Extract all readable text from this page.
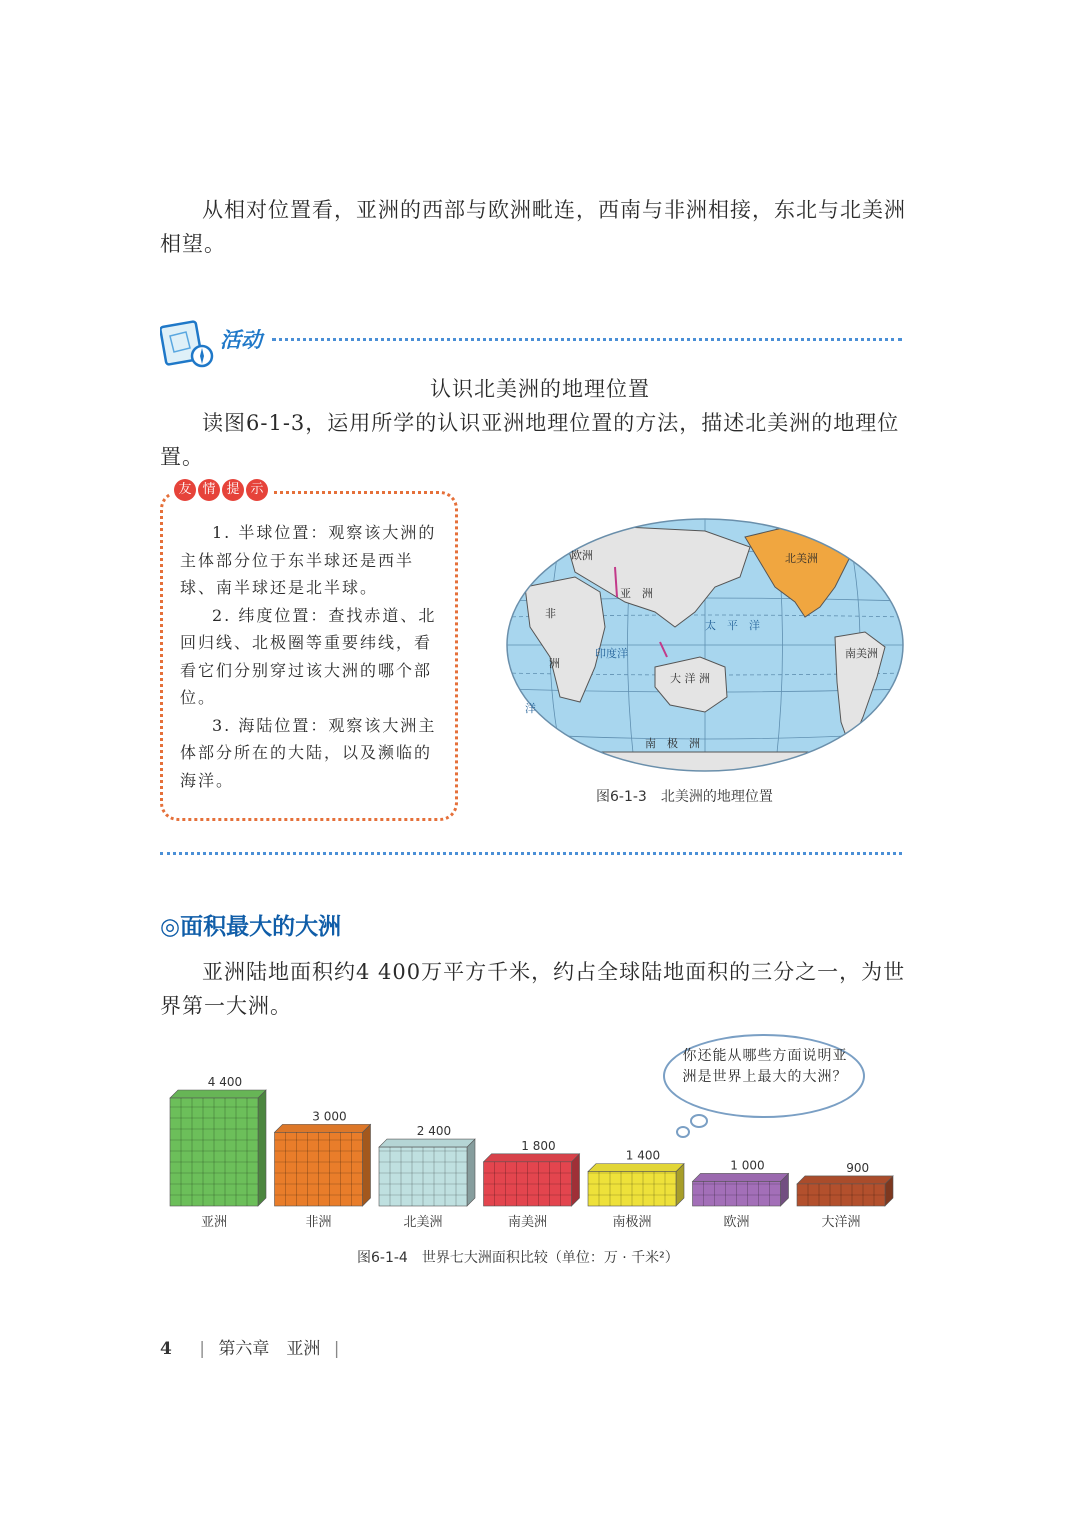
从相对位置看，亚洲的西部与欧洲毗连，西南与非洲相接，东北与北美洲相望。
活动
认识北美洲的地理位置
读图6-1-3，运用所学的认识亚洲地理位置的方法，描述北美洲的地理位置。
友 情 提 示

1. 半球位置：观察该大洲的主体部分位于东半球还是西半球、南半球还是北半球。

2. 纬度位置：查找赤道、北回归线、北极圈等重要纬线，看看它们分别穿过该大洲的哪个部位。

3. 海陆位置：观察该大洲主体部分所在的大陆，以及濒临的海洋。

欧洲
亚　洲
非
洲
北美洲
南美洲
大 洋 洲
南　极　洲
太　平　洋
印度洋
洋
图6-1-3　北美洲的地理位置
◎面积最大的大洲
亚洲陆地面积约4 400万平方千米，约占全球陆地面积的三分之一，为世界第一大洲。
你还能从哪些方面说明亚洲是世界上最大的大洲？
4 400
亚洲
3 000
非洲
2 400
北美洲
1 800
南美洲
1 400
南极洲
1 000
欧洲
900
大洋洲
图6-1-4　世界七大洲面积比较（单位：万 · 千米²）
4 | 第六章　亚洲 |
